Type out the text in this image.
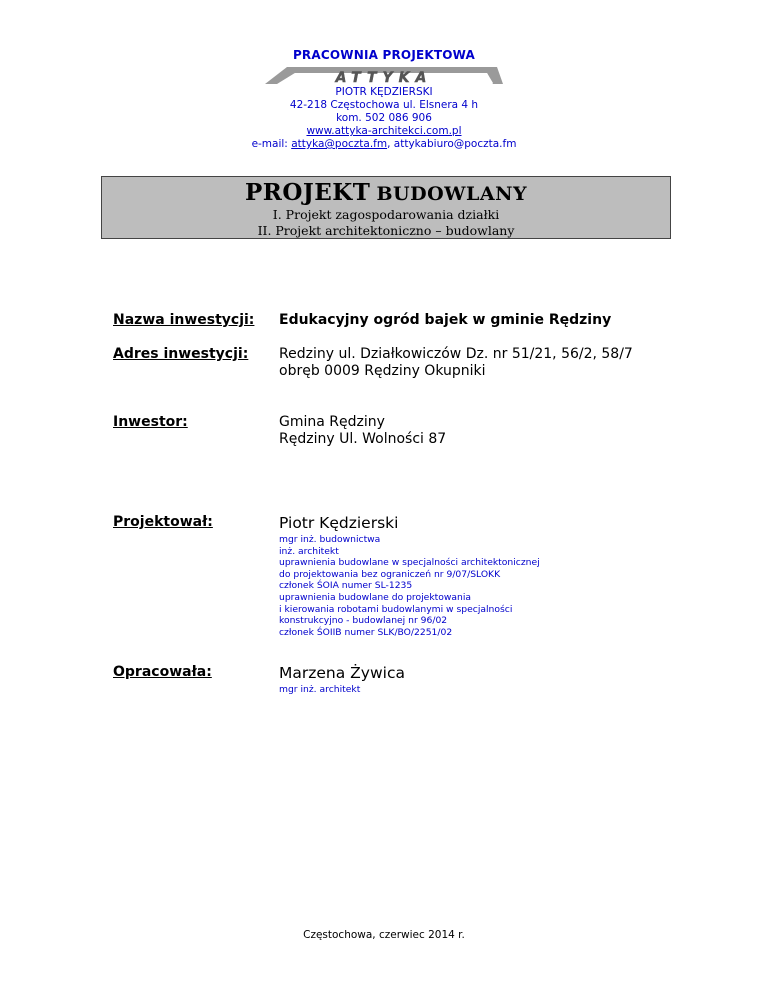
PRACOWNIA PROJEKTOWA
ATTYKA
PIOTR KĘDZIERSKI
42-218 Częstochowa ul. Elsnera 4 h
kom. 502 086 906
www.attyka-architekci.com.pl
e-mail: attyka@poczta.fm, attykabiuro@poczta.fm
PROJEKT BUDOWLANY
I. Projekt zagospodarowania działki
II. Projekt architektoniczno – budowlany
Nazwa inwestycji: Edukacyjny ogród bajek w gminie Rędziny
Adres inwestycji: Redziny ul. Działkowiczów Dz. nr 51/21, 56/2, 58/7
obręb 0009 Rędziny Okupniki
Inwestor:	Gmina Rędziny
Rędziny Ul. Wolności 87
Projektował:	Piotr Kędzierski
mgr inż. budownictwa
inż. architekt
uprawnienia budowlane w specjalności architektonicznej
do projektowania bez ograniczeń nr 9/07/SLOKK
członek ŚOIA numer SL-1235
uprawnienia budowlane do projektowania
i kierowania robotami budowlanymi w specjalności
konstrukcyjno - budowlanej nr 96/02
członek ŚOIIB numer SLK/BO/2251/02
Opracowała:	Marzena Żywica
mgr inż. architekt
Częstochowa, czerwiec 2014 r.
